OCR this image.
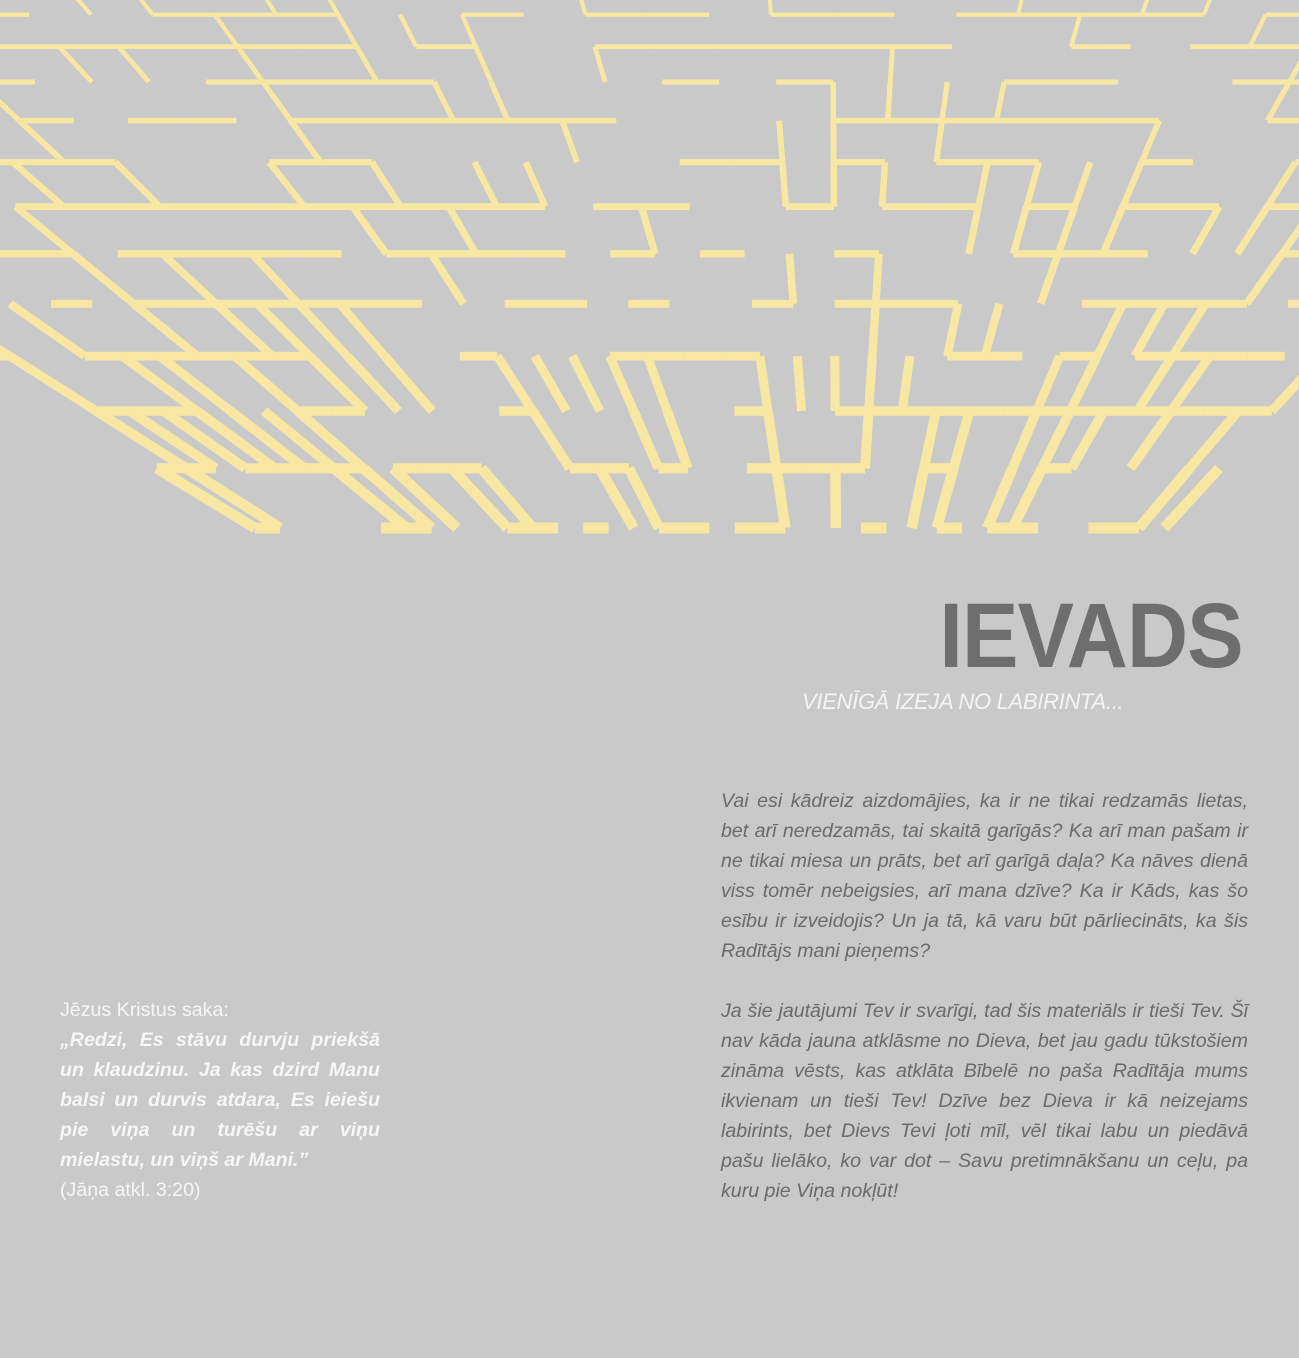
IEVADS

VIENĪGĀ IZEJA NO LABIRINTA...

Vai esi kādreiz aizdomājies, ka ir ne tikai redzamās lietas, bet arī neredzamās, tai skaitā garīgās? Ka arī man pašam ir ne tikai miesa un prāts, bet arī garīgā daļa? Ka nāves dienā viss tomēr nebeigsies, arī mana dzīve? Ka ir Kāds, kas šo esību ir izveidojis? Un ja tā, kā varu būt pārliecināts, ka šis Radītājs mani pieņems?

Ja šie jautājumi Tev ir svarīgi, tad šis materiāls ir tieši Tev. Šī nav kāda jauna atklāsme no Dieva, bet jau gadu tūkstošiem zināma vēsts, kas atklāta Bībelē no paša Radītāja mums ikvienam un tieši Tev! Dzīve bez Dieva ir kā neizejams labirints, bet Dievs Tevi ļoti mīl, vēl tikai labu un piedāvā pašu lielāko, ko var dot – Savu pretimnākšanu un ceļu, pa kuru pie Viņa nokļūt!

Jēzus Kristus saka:

„Redzi, Es stāvu durvju priekšā un klaudzinu. Ja kas dzird Manu balsi un durvis atdara, Es ieiešu pie viņa un turēšu ar viņu mielastu, un viņš ar Mani.”

(Jāņa atkl. 3:20)
